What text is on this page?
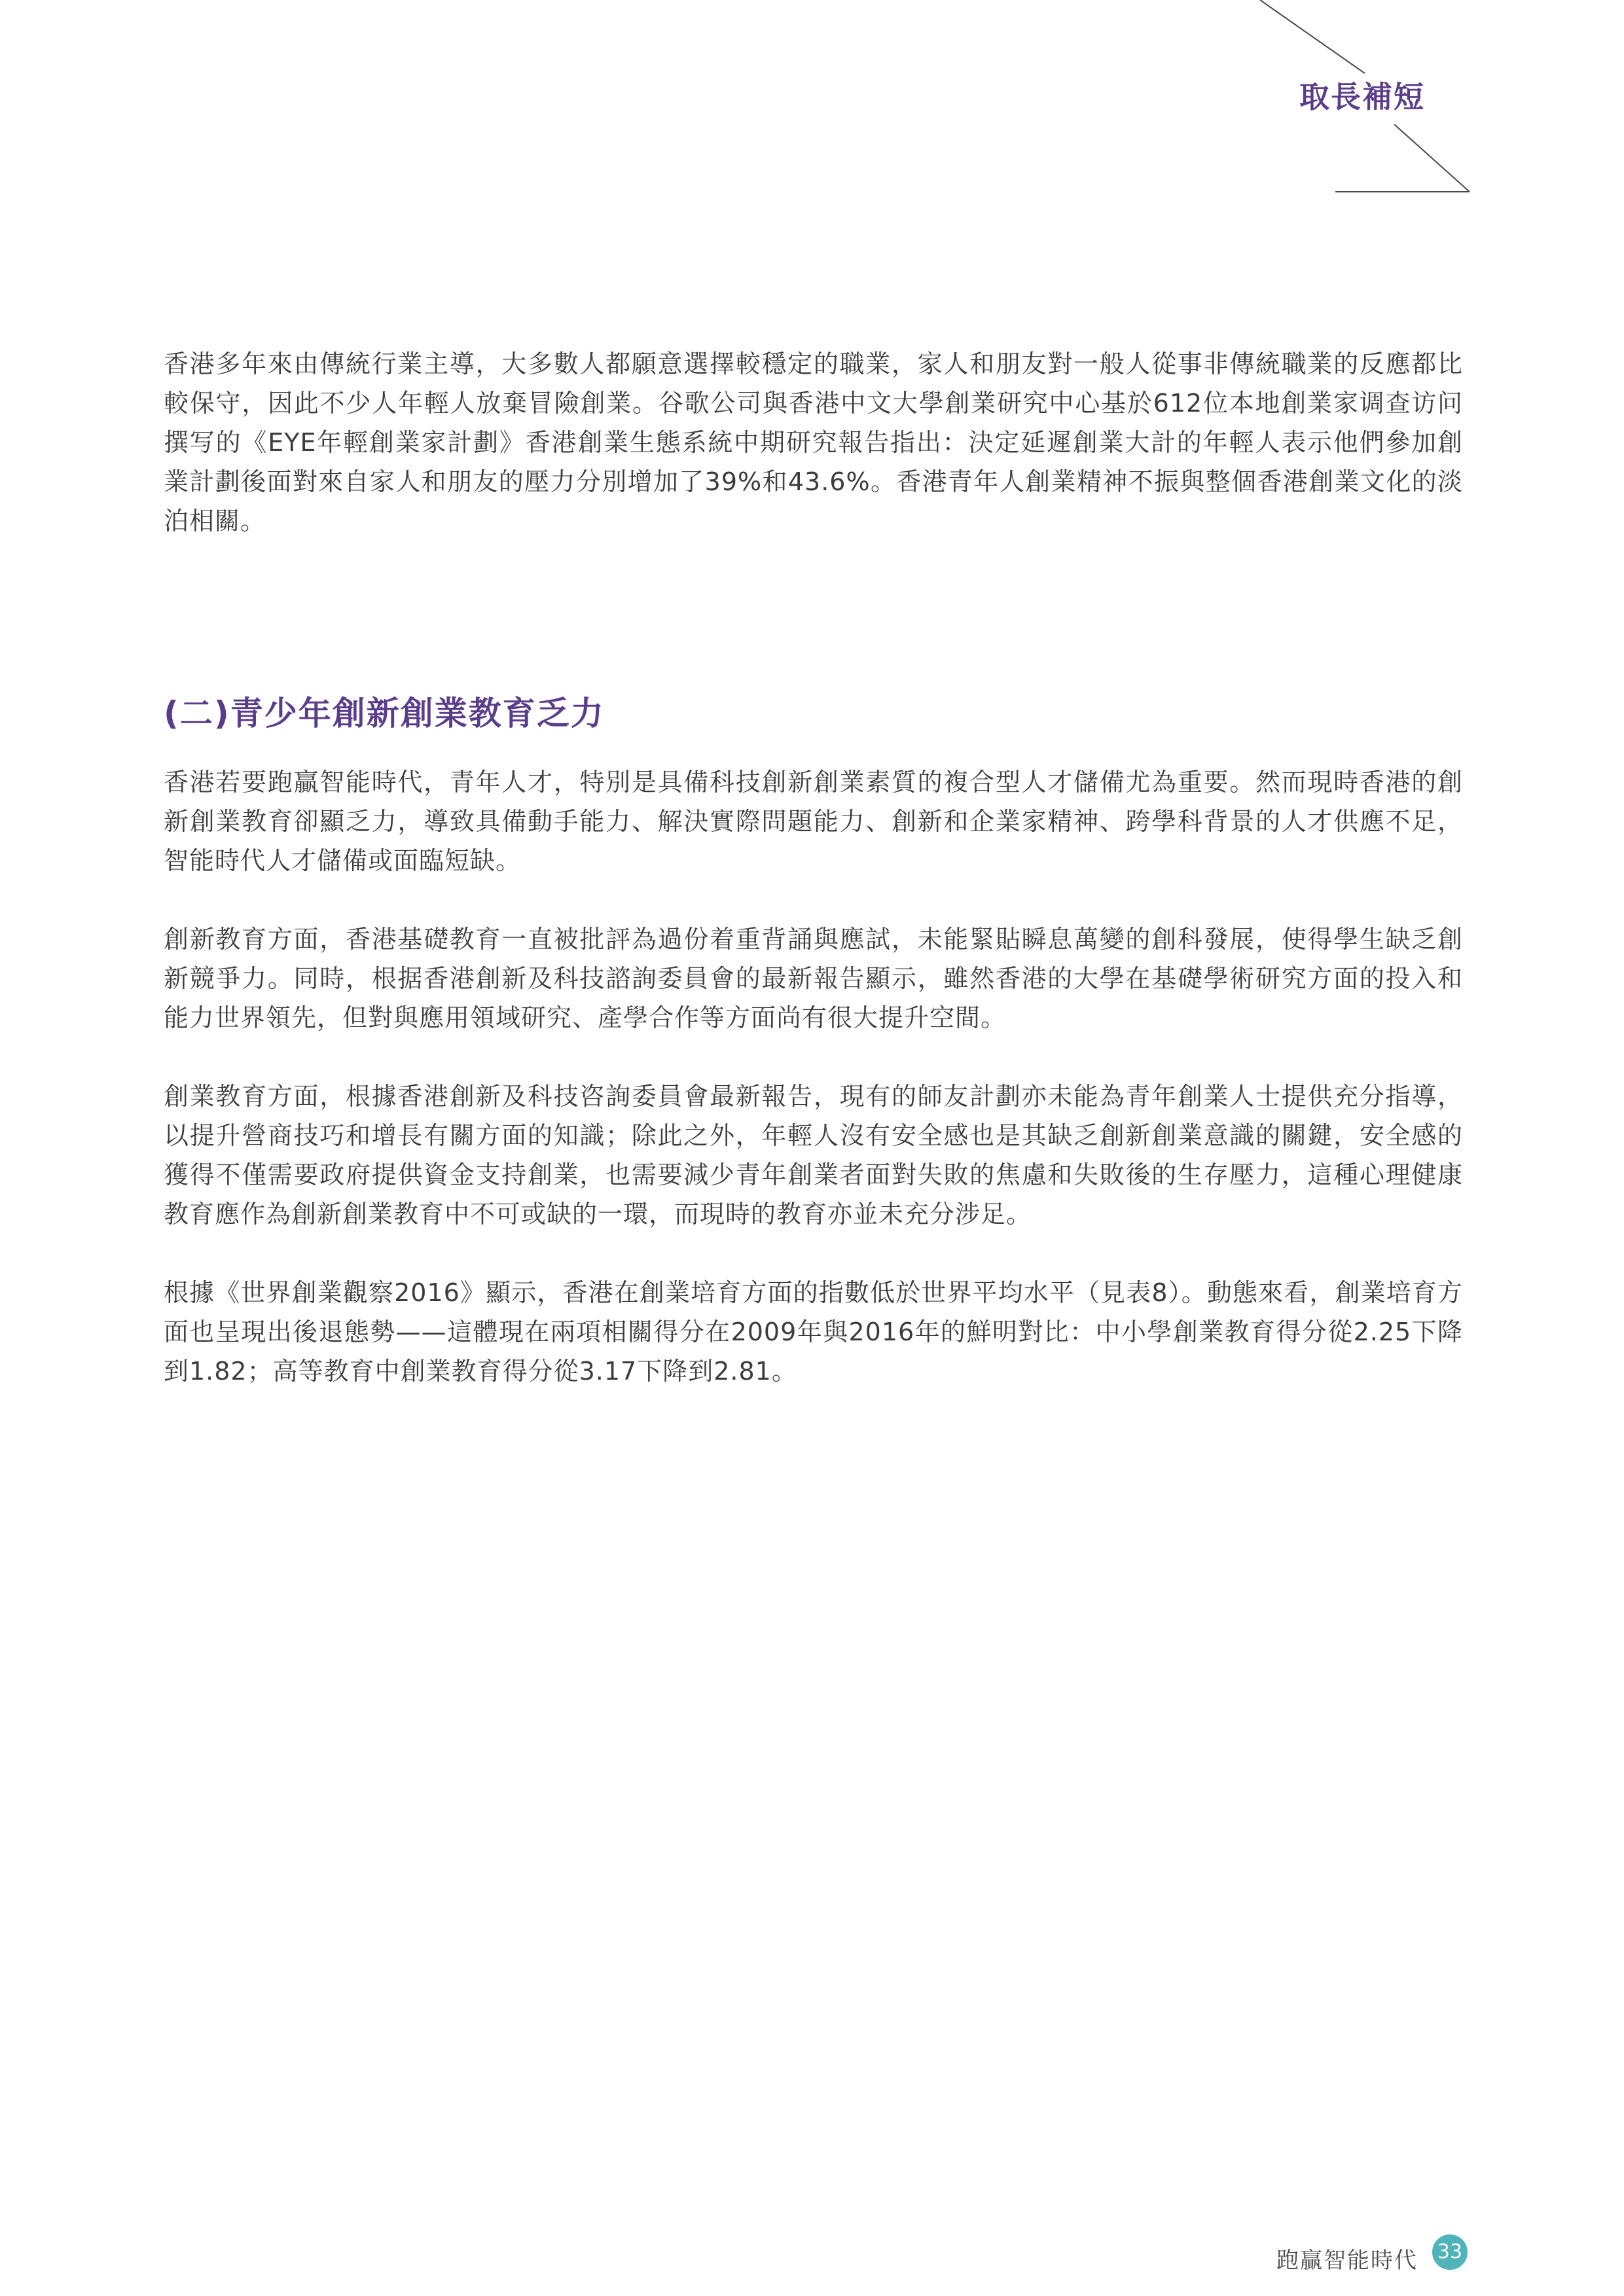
取長補短

香港多年來由傳統行業主導，大多數人都願意選擇較穩定的職業，家人和朋友對一般人從事非傳統職業的反應都比較保守，因此不少人年輕人放棄冒險創業。谷歌公司與香港中文大學創業研究中心基於612位本地創業家调查访问撰写的《EYE年輕創業家計劃》香港創業生態系統中期研究報告指出：決定延遲創業大計的年輕人表示他們參加創業計劃後面對來自家人和朋友的壓力分別增加了39%和43.6%。香港青年人創業精神不振與整個香港創業文化的淡泊相關。

(二)青少年創新創業教育乏力

香港若要跑贏智能時代，青年人才，特別是具備科技創新創業素質的複合型人才儲備尤為重要。然而現時香港的創新創業教育卻顯乏力，導致具備動手能力、解決實際問題能力、創新和企業家精神、跨學科背景的人才供應不足，智能時代人才儲備或面臨短缺。

創新教育方面，香港基礎教育一直被批評為過份着重背誦與應試，未能緊貼瞬息萬變的創科發展，使得學生缺乏創新競爭力。同時，根据香港創新及科技諮詢委員會的最新報告顯示，雖然香港的大學在基礎學術研究方面的投入和能力世界領先，但對與應用領域研究、產學合作等方面尚有很大提升空間。

創業教育方面，根據香港創新及科技咨詢委員會最新報告，現有的師友計劃亦未能為青年創業人士提供充分指導，以提升營商技巧和增長有關方面的知識；除此之外，年輕人沒有安全感也是其缺乏創新創業意識的關鍵，安全感的獲得不僅需要政府提供資金支持創業，也需要減少青年創業者面對失敗的焦慮和失敗後的生存壓力，這種心理健康教育應作為創新創業教育中不可或缺的一環，而現時的教育亦並未充分涉足。

根據《世界創業觀察2016》顯示，香港在創業培育方面的指數低於世界平均水平（見表8）。動態來看，創業培育方面也呈現出後退態勢——這體現在兩項相關得分在2009年與2016年的鮮明對比：中小學創業教育得分從2.25下降到1.82；高等教育中創業教育得分從3.17下降到2.81。

跑贏智能時代 33
